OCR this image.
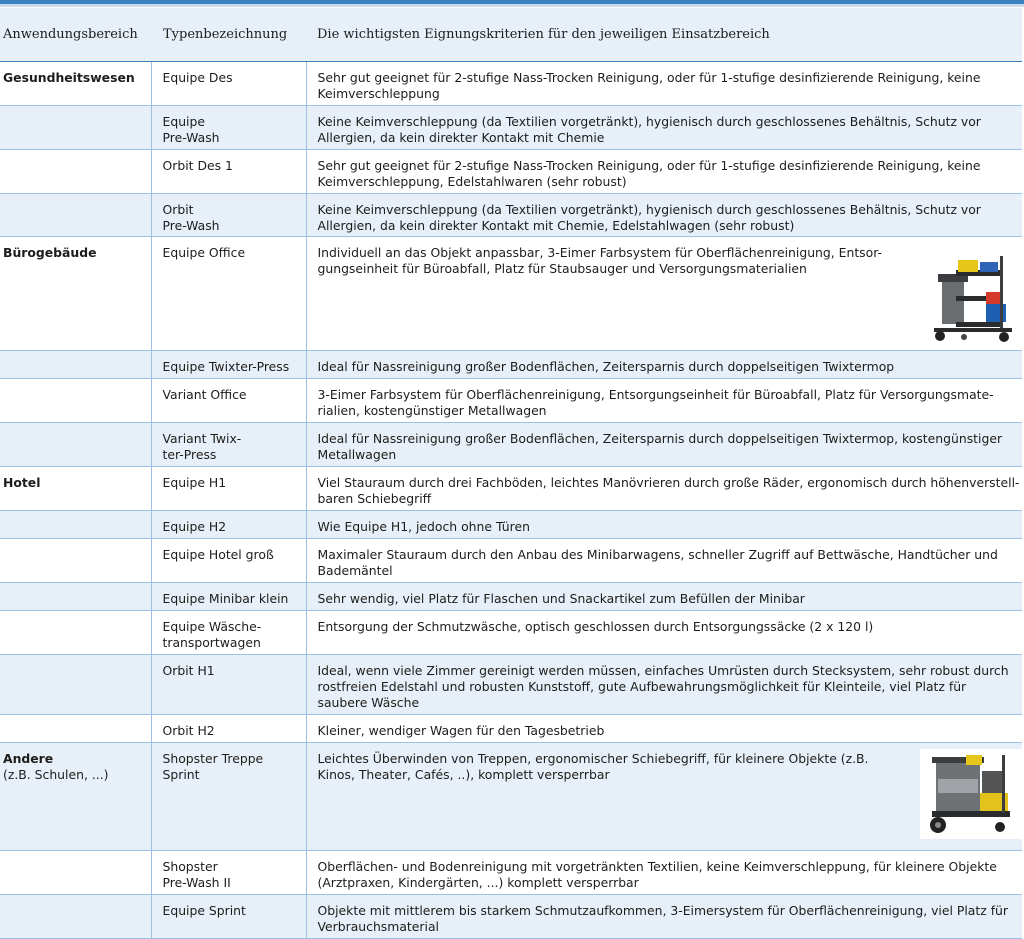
Anwendungsbereich	Typenbezeichnung	Die wichtigsten Eignungskriterien für den jeweiligen Einsatzbereich

Gesundheitswesen	Equipe Des	Sehr gut geeignet für 2-stufige Nass-Trocken Reinigung, oder für 1-stufige desinfizierende Reinigung, keine
Keimverschleppung

	Equipe
Pre-Wash	Keine Keimverschleppung (da Textilien vorgetränkt), hygienisch durch geschlossenes Behältnis, Schutz vor
Allergien, da kein direkter Kontakt mit Chemie

	Orbit Des 1	Sehr gut geeignet für 2-stufige Nass-Trocken Reinigung, oder für 1-stufige desinfizierende Reinigung, keine
Keimverschleppung, Edelstahlwaren (sehr robust)

	Orbit
Pre-Wash	Keine Keimverschleppung (da Textilien vorgetränkt), hygienisch durch geschlossenes Behältnis, Schutz vor
Allergien, da kein direkter Kontakt mit Chemie, Edelstahlwagen (sehr robust)

Bürogebäude	Equipe Office	Individuell an das Objekt anpassbar, 3-Eimer Farbsystem für Oberflächenreinigung, Entsor-
gungseinheit für Büroabfall, Platz für Staubsauger und Versorgungsmaterialien

	Equipe Twixter-Press	Ideal für Nassreinigung großer Bodenflächen, Zeitersparnis durch doppelseitigen Twixtermop

	Variant Office	3-Eimer Farbsystem für Oberflächenreinigung, Entsorgungseinheit für Büroabfall, Platz für Versorgungsmate-
rialien, kostengünstiger Metallwagen

	Variant Twix-
ter-Press	Ideal für Nassreinigung großer Bodenflächen, Zeitersparnis durch doppelseitigen Twixtermop, kostengünstiger
Metallwagen

Hotel	Equipe H1	Viel Stauraum durch drei Fachböden, leichtes Manövrieren durch große Räder, ergonomisch durch höhenverstell-
baren Schiebegriff

	Equipe H2	Wie Equipe H1, jedoch ohne Türen

	Equipe Hotel groß	Maximaler Stauraum durch den Anbau des Minibarwagens, schneller Zugriff auf Bettwäsche, Handtücher und
Bademäntel

	Equipe Minibar klein	Sehr wendig, viel Platz für Flaschen und Snackartikel zum Befüllen der Minibar

	Equipe Wäsche-
transportwagen	Entsorgung der Schmutzwäsche, optisch geschlossen durch Entsorgungssäcke (2 x 120 l)

	Orbit H1	Ideal, wenn viele Zimmer gereinigt werden müssen, einfaches Umrüsten durch Stecksystem, sehr robust durch
rostfreien Edelstahl und robusten Kunststoff, gute Aufbewahrungsmöglichkeit für Kleinteile, viel Platz für
saubere Wäsche

	Orbit H2	Kleiner, wendiger Wagen für den Tagesbetrieb

Andere
(z.B. Schulen, ...)	Shopster Treppe
Sprint	Leichtes Überwinden von Treppen, ergonomischer Schiebegriff, für kleinere Objekte (z.B.
Kinos, Theater, Cafés, ..), komplett versperrbar

	Shopster
Pre-Wash II	Oberflächen- und Bodenreinigung mit vorgetränkten Textilien, keine Keimverschleppung, für kleinere Objekte
(Arztpraxen, Kindergärten, ...) komplett versperrbar

	Equipe Sprint	Objekte mit mittlerem bis starkem Schmutzaufkommen, 3-Eimersystem für Oberflächenreinigung, viel Platz für
Verbrauchsmaterial
